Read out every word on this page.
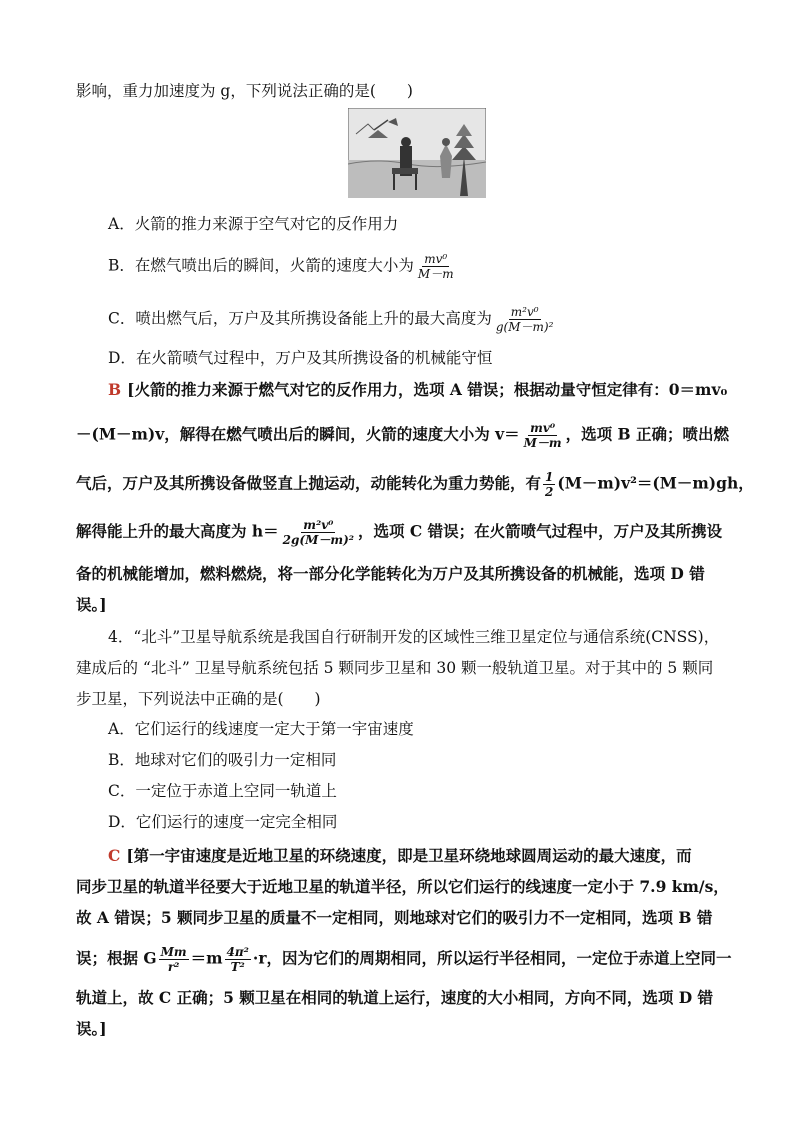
影响，重力加速度为 g，下列说法正确的是(　　)
A．火箭的推力来源于空气对它的反作用力
B．在燃气喷出后的瞬间，火箭的速度大小为 $\frac{\text{mv⁰}}{M-m}$
C．喷出燃气后，万户及其所携设备能上升的最大高度为 $\frac{\text{m²v⁰}}{\text{g(M－m)²}}$
D．在火箭喷气过程中，万户及其所携设备的机械能守恒
B [火箭的推力来源于燃气对它的反作用力，选项 A 错误；根据动量守恒定律有：0＝mv₀
－(M－m)v，解得在燃气喷出后的瞬间，火箭的速度大小为 $v= \frac{\text{mv⁰}}{M-m}$ ，选项 B 正确；喷出燃
气后，万户及其所携设备做竖直上抛运动，动能转化为重力势能，有 $\frac{1}{2} (M-m)v^2=(M-m)gh$，
解得能上升的最大高度为 $h= \frac{\text{m²v⁰}}{\text{2g(M－m)²}}$ ，选项 C 错误；在火箭喷气过程中，万户及其所携设
备的机械能增加，燃料燃烧，将一部分化学能转化为万户及其所携设备的机械能，选项 D 错
误。]
4．“北斗”卫星导航系统是我国自行研制开发的区域性三维卫星定位与通信系统(CNSS)，
建成后的 “北斗” 卫星导航系统包括 5 颗同步卫星和 30 颗一般轨道卫星。对于其中的 5 颗同
步卫星，下列说法中正确的是(　　)
A．它们运行的线速度一定大于第一宇宙速度
B．地球对它们的吸引力一定相同
C．一定位于赤道上空同一轨道上
D．它们运行的速度一定完全相同
C [第一宇宙速度是近地卫星的环绕速度，即是卫星环绕地球圆周运动的最大速度，而
同步卫星的轨道半径要大于近地卫星的轨道半径，所以它们运行的线速度一定小于 7.9 km/s，
故 A 错误；5 颗同步卫星的质量不一定相同，则地球对它们的吸引力不一定相同，选项 B 错
误；根据 G $\frac{Mm}{\text{r²}} =m \frac{\text{4π²}}{\text{T²}} \cdot r$，因为它们的周期相同，所以运行半径相同，一定位于赤道上空同一
轨道上，故 C 正确；5 颗卫星在相同的轨道上运行，速度的大小相同，方向不同，选项 D 错
误。]
